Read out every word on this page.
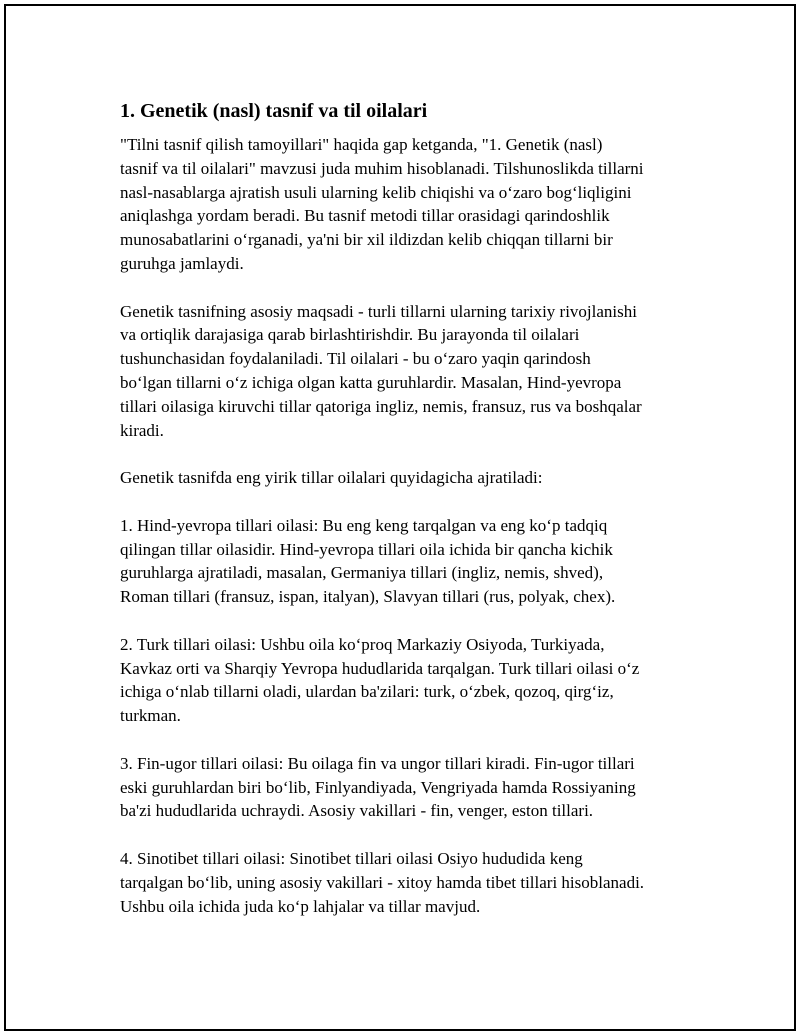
1. Genetik (nasl) tasnif va til oilalari

"Tilni tasnif qilish tamoyillari" haqida gap ketganda, "1. Genetik (nasl)
tasnif va til oilalari" mavzusi juda muhim hisoblanadi. Tilshunoslikda tillarni
nasl-nasablarga ajratish usuli ularning kelib chiqishi va o‘zaro bog‘liqligini
aniqlashga yordam beradi. Bu tasnif metodi tillar orasidagi qarindoshlik
munosabatlarini o‘rganadi, ya'ni bir xil ildizdan kelib chiqqan tillarni bir
guruhga jamlaydi.

Genetik tasnifning asosiy maqsadi - turli tillarni ularning tarixiy rivojlanishi
va ortiqlik darajasiga qarab birlashtirishdir. Bu jarayonda til oilalari
tushunchasidan foydalaniladi. Til oilalari - bu o‘zaro yaqin qarindosh
bo‘lgan tillarni o‘z ichiga olgan katta guruhlardir. Masalan, Hind-yevropa
tillari oilasiga kiruvchi tillar qatoriga ingliz, nemis, fransuz, rus va boshqalar
kiradi.

Genetik tasnifda eng yirik tillar oilalari quyidagicha ajratiladi:

1. Hind-yevropa tillari oilasi: Bu eng keng tarqalgan va eng ko‘p tadqiq
qilingan tillar oilasidir. Hind-yevropa tillari oila ichida bir qancha kichik
guruhlarga ajratiladi, masalan, Germaniya tillari (ingliz, nemis, shved),
Roman tillari (fransuz, ispan, italyan), Slavyan tillari (rus, polyak, chex).

2. Turk tillari oilasi: Ushbu oila ko‘proq Markaziy Osiyoda, Turkiyada,
Kavkaz orti va Sharqiy Yevropa hududlarida tarqalgan. Turk tillari oilasi o‘z
ichiga o‘nlab tillarni oladi, ulardan ba'zilari: turk, o‘zbek, qozoq, qirg‘iz,
turkman.

3. Fin-ugor tillari oilasi: Bu oilaga fin va ungor tillari kiradi. Fin-ugor tillari
eski guruhlardan biri bo‘lib, Finlyandiyada, Vengriyada hamda Rossiyaning
ba'zi hududlarida uchraydi. Asosiy vakillari - fin, venger, eston tillari.

4. Sinotibet tillari oilasi: Sinotibet tillari oilasi Osiyo hududida keng
tarqalgan bo‘lib, uning asosiy vakillari - xitoy hamda tibet tillari hisoblanadi.
Ushbu oila ichida juda ko‘p lahjalar va tillar mavjud.
